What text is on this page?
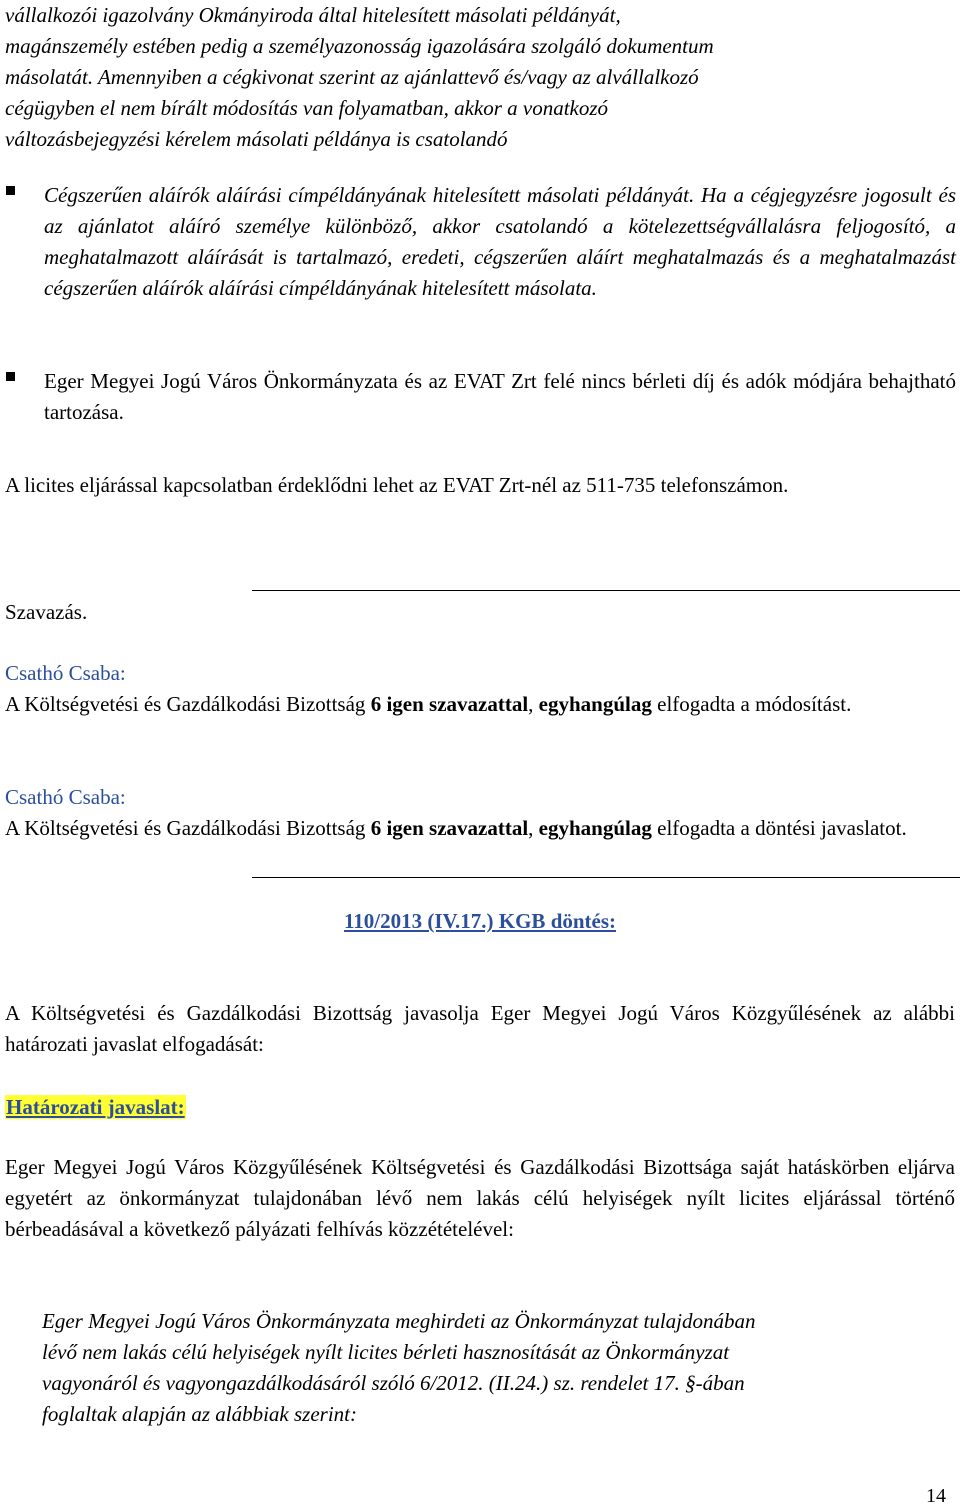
vállalkozói igazolvány Okmányiroda által hitelesített másolati példányát,
magánszemély estében pedig a személyazonosság igazolására szolgáló dokumentum
másolatát. Amennyiben a cégkivonat szerint az ajánlattevő és/vagy az alvállalkozó
cégügyben el nem bírált módosítás van folyamatban, akkor a vonatkozó
változásbejegyzési kérelem másolati példánya is csatolandó

Cégszerűen aláírók aláírási címpéldányának hitelesített másolati példányát. Ha a cégjegyzésre jogosult és az ajánlatot aláíró személye különböző, akkor csatolandó a kötelezettségvállalásra feljogosító, a meghatalmazott aláírását is tartalmazó, eredeti, cégszerűen aláírt meghatalmazás és a meghatalmazást cégszerűen aláírók aláírási címpéldányának hitelesített másolata.

Eger Megyei Jogú Város Önkormányzata és az EVAT Zrt felé nincs bérleti díj és adók módjára behajtható tartozása.

A licites eljárással kapcsolatban érdeklődni lehet az EVAT Zrt-nél az 511-735 telefonszámon.

Szavazás.

Csathó Csaba:
A Költségvetési és Gazdálkodási Bizottság 6 igen szavazattal, egyhangúlag elfogadta a módosítást.
Csathó Csaba:
A Költségvetési és Gazdálkodási Bizottság 6 igen szavazattal, egyhangúlag elfogadta a döntési javaslatot.
110/2013 (IV.17.) KGB döntés:

A Költségvetési és Gazdálkodási Bizottság javasolja Eger Megyei Jogú Város Közgyűlésének az alábbi határozati javaslat elfogadását:

Határozati javaslat:

Eger Megyei Jogú Város Közgyűlésének Költségvetési és Gazdálkodási Bizottsága saját hatáskörben eljárva egyetért az önkormányzat tulajdonában lévő nem lakás célú helyiségek nyílt licites eljárással történő bérbeadásával a következő pályázati felhívás közzétételével:

Eger Megyei Jogú Város Önkormányzata meghirdeti az Önkormányzat tulajdonában
lévő nem lakás célú helyiségek nyílt licites bérleti hasznosítását az Önkormányzat
vagyonáról és vagyongazdálkodásáról szóló 6/2012. (II.24.) sz. rendelet 17. §-ában
foglaltak alapján az alábbiak szerint:
14
